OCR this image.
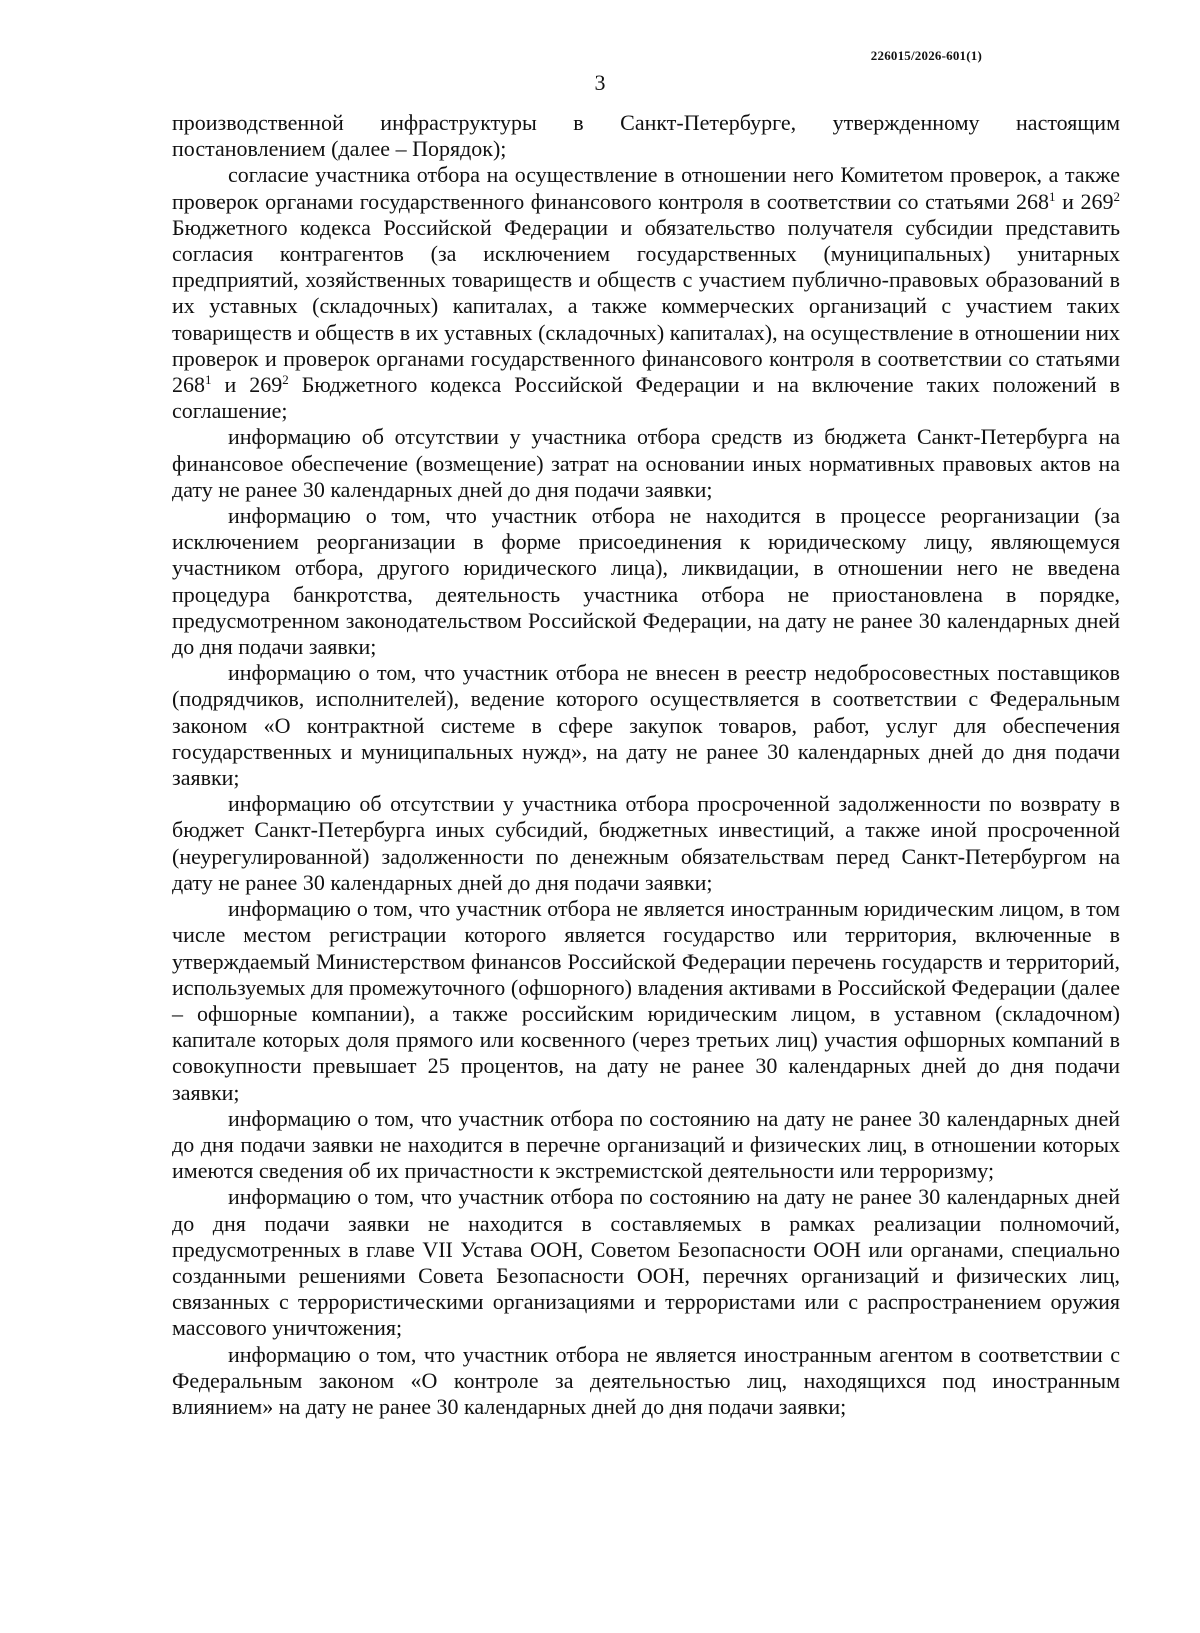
226015/2026-601(1)
3

производственной инфраструктуры в Санкт-Петербурге, утвержденному настоящим постановлением (далее – Порядок);

согласие участника отбора на осуществление в отношении него Комитетом проверок, а также проверок органами государственного финансового контроля в соответствии со статьями $268^1$ и $269^2$ Бюджетного кодекса Российской Федерации и обязательство получателя субсидии представить согласия контрагентов (за исключением государственных (муниципальных) унитарных предприятий, хозяйственных товариществ и обществ с участием публично-правовых образований в их уставных (складочных) капиталах, а также коммерческих организаций с участием таких товариществ и обществ в их уставных (складочных) капиталах), на осуществление в отношении них проверок и проверок органами государственного финансового контроля в соответствии со статьями $268^1$ и $269^2$ Бюджетного кодекса Российской Федерации и на включение таких положений в соглашение;

информацию об отсутствии у участника отбора средств из бюджета Санкт-Петербурга на финансовое обеспечение (возмещение) затрат на основании иных нормативных правовых актов на дату не ранее 30 календарных дней до дня подачи заявки;

информацию о том, что участник отбора не находится в процессе реорганизации (за исключением реорганизации в форме присоединения к юридическому лицу, являющемуся участником отбора, другого юридического лица), ликвидации, в отношении него не введена процедура банкротства, деятельность участника отбора не приостановлена в порядке, предусмотренном законодательством Российской Федерации, на дату не ранее 30 календарных дней до дня подачи заявки;

информацию о том, что участник отбора не внесен в реестр недобросовестных поставщиков (подрядчиков, исполнителей), ведение которого осуществляется в соответствии с Федеральным законом «О контрактной системе в сфере закупок товаров, работ, услуг для обеспечения государственных и муниципальных нужд», на дату не ранее 30 календарных дней до дня подачи заявки;

информацию об отсутствии у участника отбора просроченной задолженности по возврату в бюджет Санкт-Петербурга иных субсидий, бюджетных инвестиций, а также иной просроченной (неурегулированной) задолженности по денежным обязательствам перед Санкт-Петербургом на дату не ранее 30 календарных дней до дня подачи заявки;

информацию о том, что участник отбора не является иностранным юридическим лицом, в том числе местом регистрации которого является государство или территория, включенные в утверждаемый Министерством финансов Российской Федерации перечень государств и территорий, используемых для промежуточного (офшорного) владения активами в Российской Федерации (далее – офшорные компании), а также российским юридическим лицом, в уставном (складочном) капитале которых доля прямого или косвенного (через третьих лиц) участия офшорных компаний в совокупности превышает 25 процентов, на дату не ранее 30 календарных дней до дня подачи заявки;

информацию о том, что участник отбора по состоянию на дату не ранее 30 календарных дней до дня подачи заявки не находится в перечне организаций и физических лиц, в отношении которых имеются сведения об их причастности к экстремистской деятельности или терроризму;

информацию о том, что участник отбора по состоянию на дату не ранее 30 календарных дней до дня подачи заявки не находится в составляемых в рамках реализации полномочий, предусмотренных в главе VII Устава ООН, Советом Безопасности ООН или органами, специально созданными решениями Совета Безопасности ООН, перечнях организаций и физических лиц, связанных с террористическими организациями и террористами или с распространением оружия массового уничтожения;

информацию о том, что участник отбора не является иностранным агентом в соответствии с Федеральным законом «О контроле за деятельностью лиц, находящихся под иностранным влиянием» на дату не ранее 30 календарных дней до дня подачи заявки;
